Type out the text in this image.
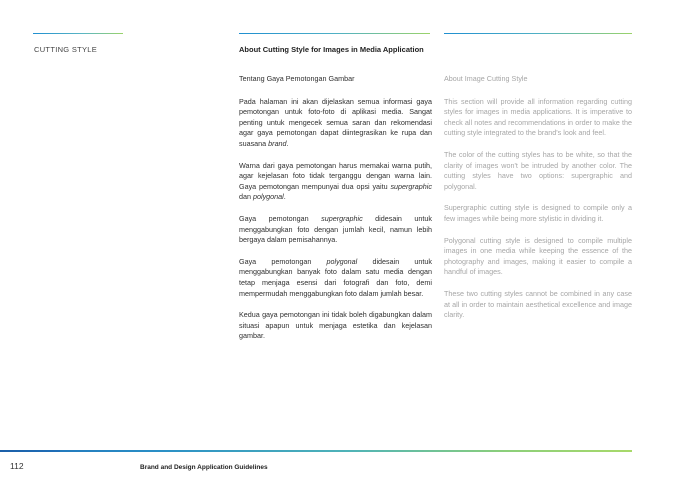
CUTTING STYLE	About Cutting Style for Images in Media Application

Tentang Gaya Pemotongan Gambar

Pada halaman ini akan dijelaskan semua informasi gaya pemotongan untuk foto-foto di aplikasi media. Sangat penting untuk mengecek semua saran dan rekomendasi agar gaya pemotongan dapat diintegrasikan ke rupa dan suasana brand.

Warna dari gaya pemotongan harus memakai warna putih, agar kejelasan foto tidak terganggu dengan warna lain. Gaya pemotongan mempunyai dua opsi yaitu supergraphic dan polygonal.

Gaya pemotongan supergraphic didesain untuk menggabungkan foto dengan jumlah kecil, namun lebih bergaya dalam pemisahannya.

Gaya pemotongan polygonal didesain untuk menggabungkan banyak foto dalam satu media dengan tetap menjaga esensi dari fotografi dan foto, demi mempermudah menggabungkan foto dalam jumlah besar.

Kedua gaya pemotongan ini tidak boleh digabungkan dalam situasi apapun untuk menjaga estetika dan kejelasan gambar.

About Image Cutting Style

This section will provide all information regarding cutting styles for images in media applications. It is imperative to check all notes and recommendations in order to make the cutting style integrated to the brand's look and feel.

The color of the cutting styles has to be white, so that the clarity of images won't be intruded by another color. The cutting styles have two options: supergraphic and polygonal.

Supergraphic cutting style is designed to compile only a few images while being more stylistic in dividing it.

Polygonal cutting style is designed to compile multiple images in one media while keeping the essence of the photography and images, making it easier to compile a handful of images.

These two cutting styles cannot be combined in any case at all in order to maintain aesthetical excellence and image clarity.

112	Brand and Design Application Guidelines
